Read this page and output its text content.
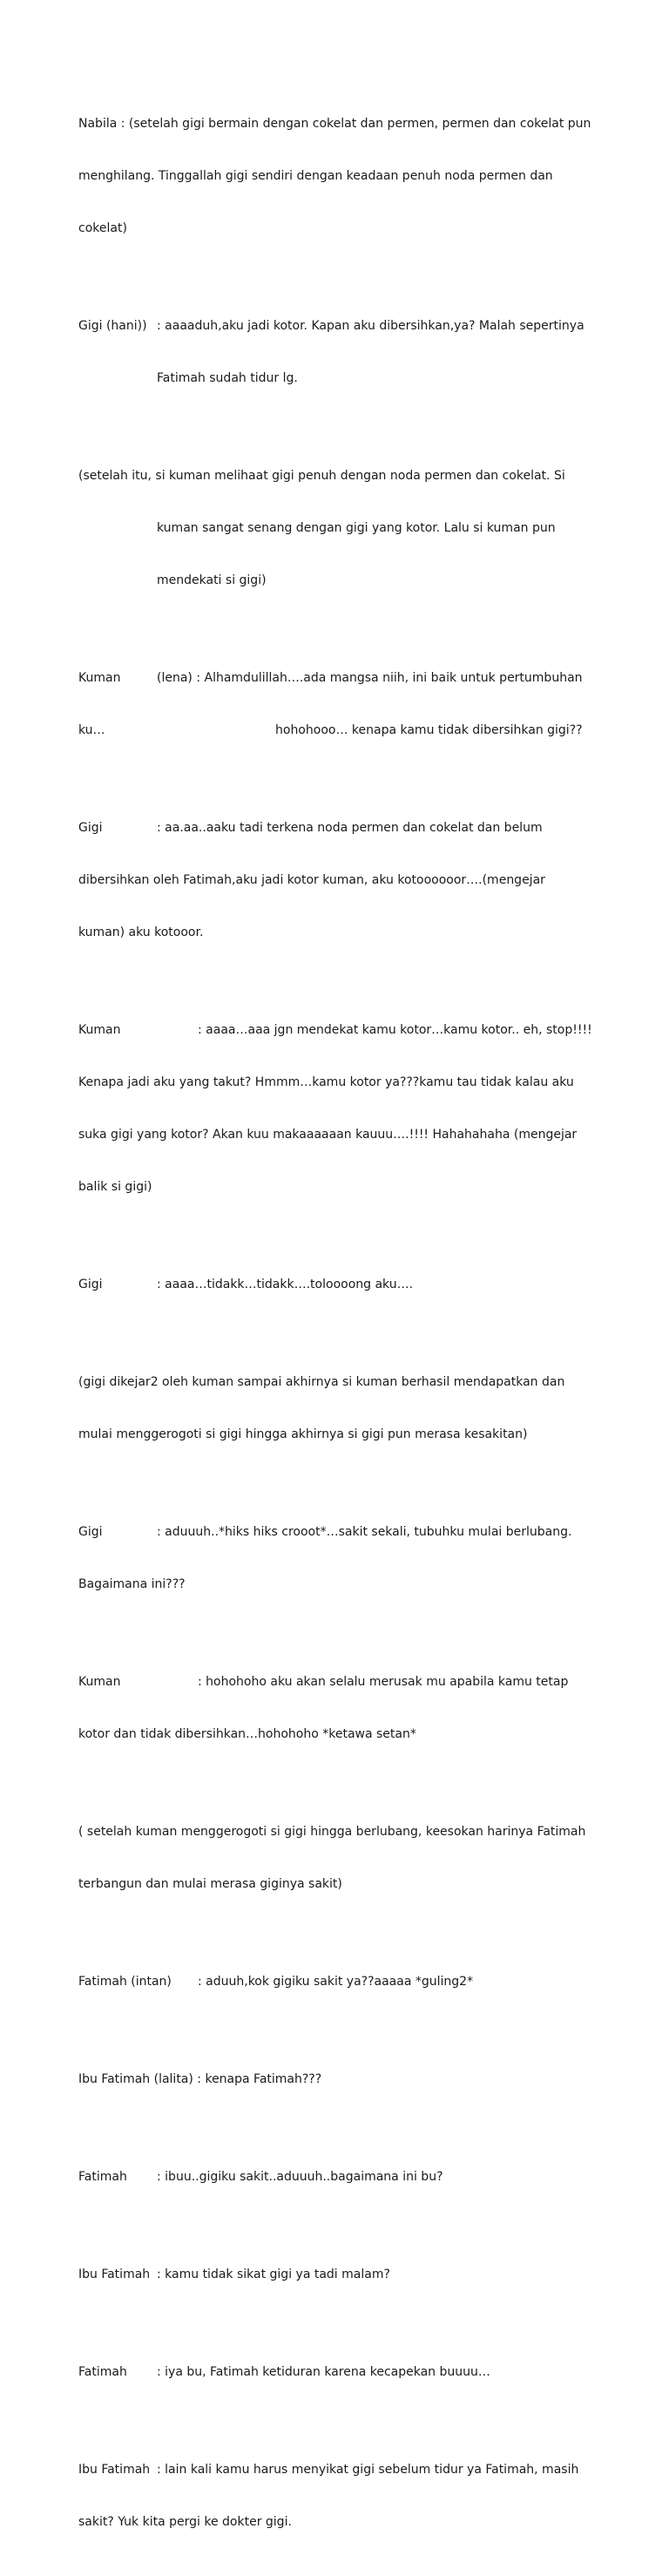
Nabila : (setelah gigi bermain dengan cokelat dan permen, permen dan cokelat pun

menghilang. Tinggallah gigi sendiri dengan keadaan penuh noda permen dan

cokelat)

Gigi (hani)) : aaaaduh,aku jadi kotor. Kapan aku dibersihkan,ya? Malah sepertinya

Fatimah sudah tidur lg.

(setelah itu, si kuman melihaat gigi penuh dengan noda permen dan cokelat. Si

kuman sangat senang dengan gigi yang kotor. Lalu si kuman pun

mendekati si gigi)

Kuman	(lena) : Alhamdulillah….ada mangsa niih, ini baik untuk pertumbuhan

ku…	hohohooo… kenapa kamu tidak dibersihkan gigi??

Gigi	: aa.aa..aaku tadi terkena noda permen dan cokelat dan belum

dibersihkan oleh Fatimah,aku jadi kotor kuman, aku kotoooooor….(mengejar

kuman) aku kotooor.

Kuman	: aaaa…aaa jgn mendekat kamu kotor…kamu kotor.. eh, stop!!!!

Kenapa jadi aku yang takut? Hmmm…kamu kotor ya???kamu tau tidak kalau aku

suka gigi yang kotor? Akan kuu makaaaaaan kauuu….!!!! Hahahahaha (mengejar

balik si gigi)

Gigi	: aaaa…tidakk…tidakk….toloooong aku….

(gigi dikejar2 oleh kuman sampai akhirnya si kuman berhasil mendapatkan dan

mulai menggerogoti si gigi hingga akhirnya si gigi pun merasa kesakitan)

Gigi	: aduuuh..*hiks hiks crooot*…sakit sekali, tubuhku mulai berlubang.

Bagaimana ini???

Kuman	: hohohoho aku akan selalu merusak mu apabila kamu tetap

kotor dan tidak dibersihkan…hohohoho *ketawa setan*

( setelah kuman menggerogoti si gigi hingga berlubang, keesokan harinya Fatimah

terbangun dan mulai merasa giginya sakit)

Fatimah (intan) : aduuh,kok gigiku sakit ya??aaaaa *guling2*

Ibu Fatimah (lalita) : kenapa Fatimah???

Fatimah : ibuu..gigiku sakit..aduuuh..bagaimana ini bu?

Ibu Fatimah : kamu tidak sikat gigi ya tadi malam?

Fatimah : iya bu, Fatimah ketiduran karena kecapekan buuuu…

Ibu Fatimah : lain kali kamu harus menyikat gigi sebelum tidur ya Fatimah, masih

sakit? Yuk kita pergi ke dokter gigi.
